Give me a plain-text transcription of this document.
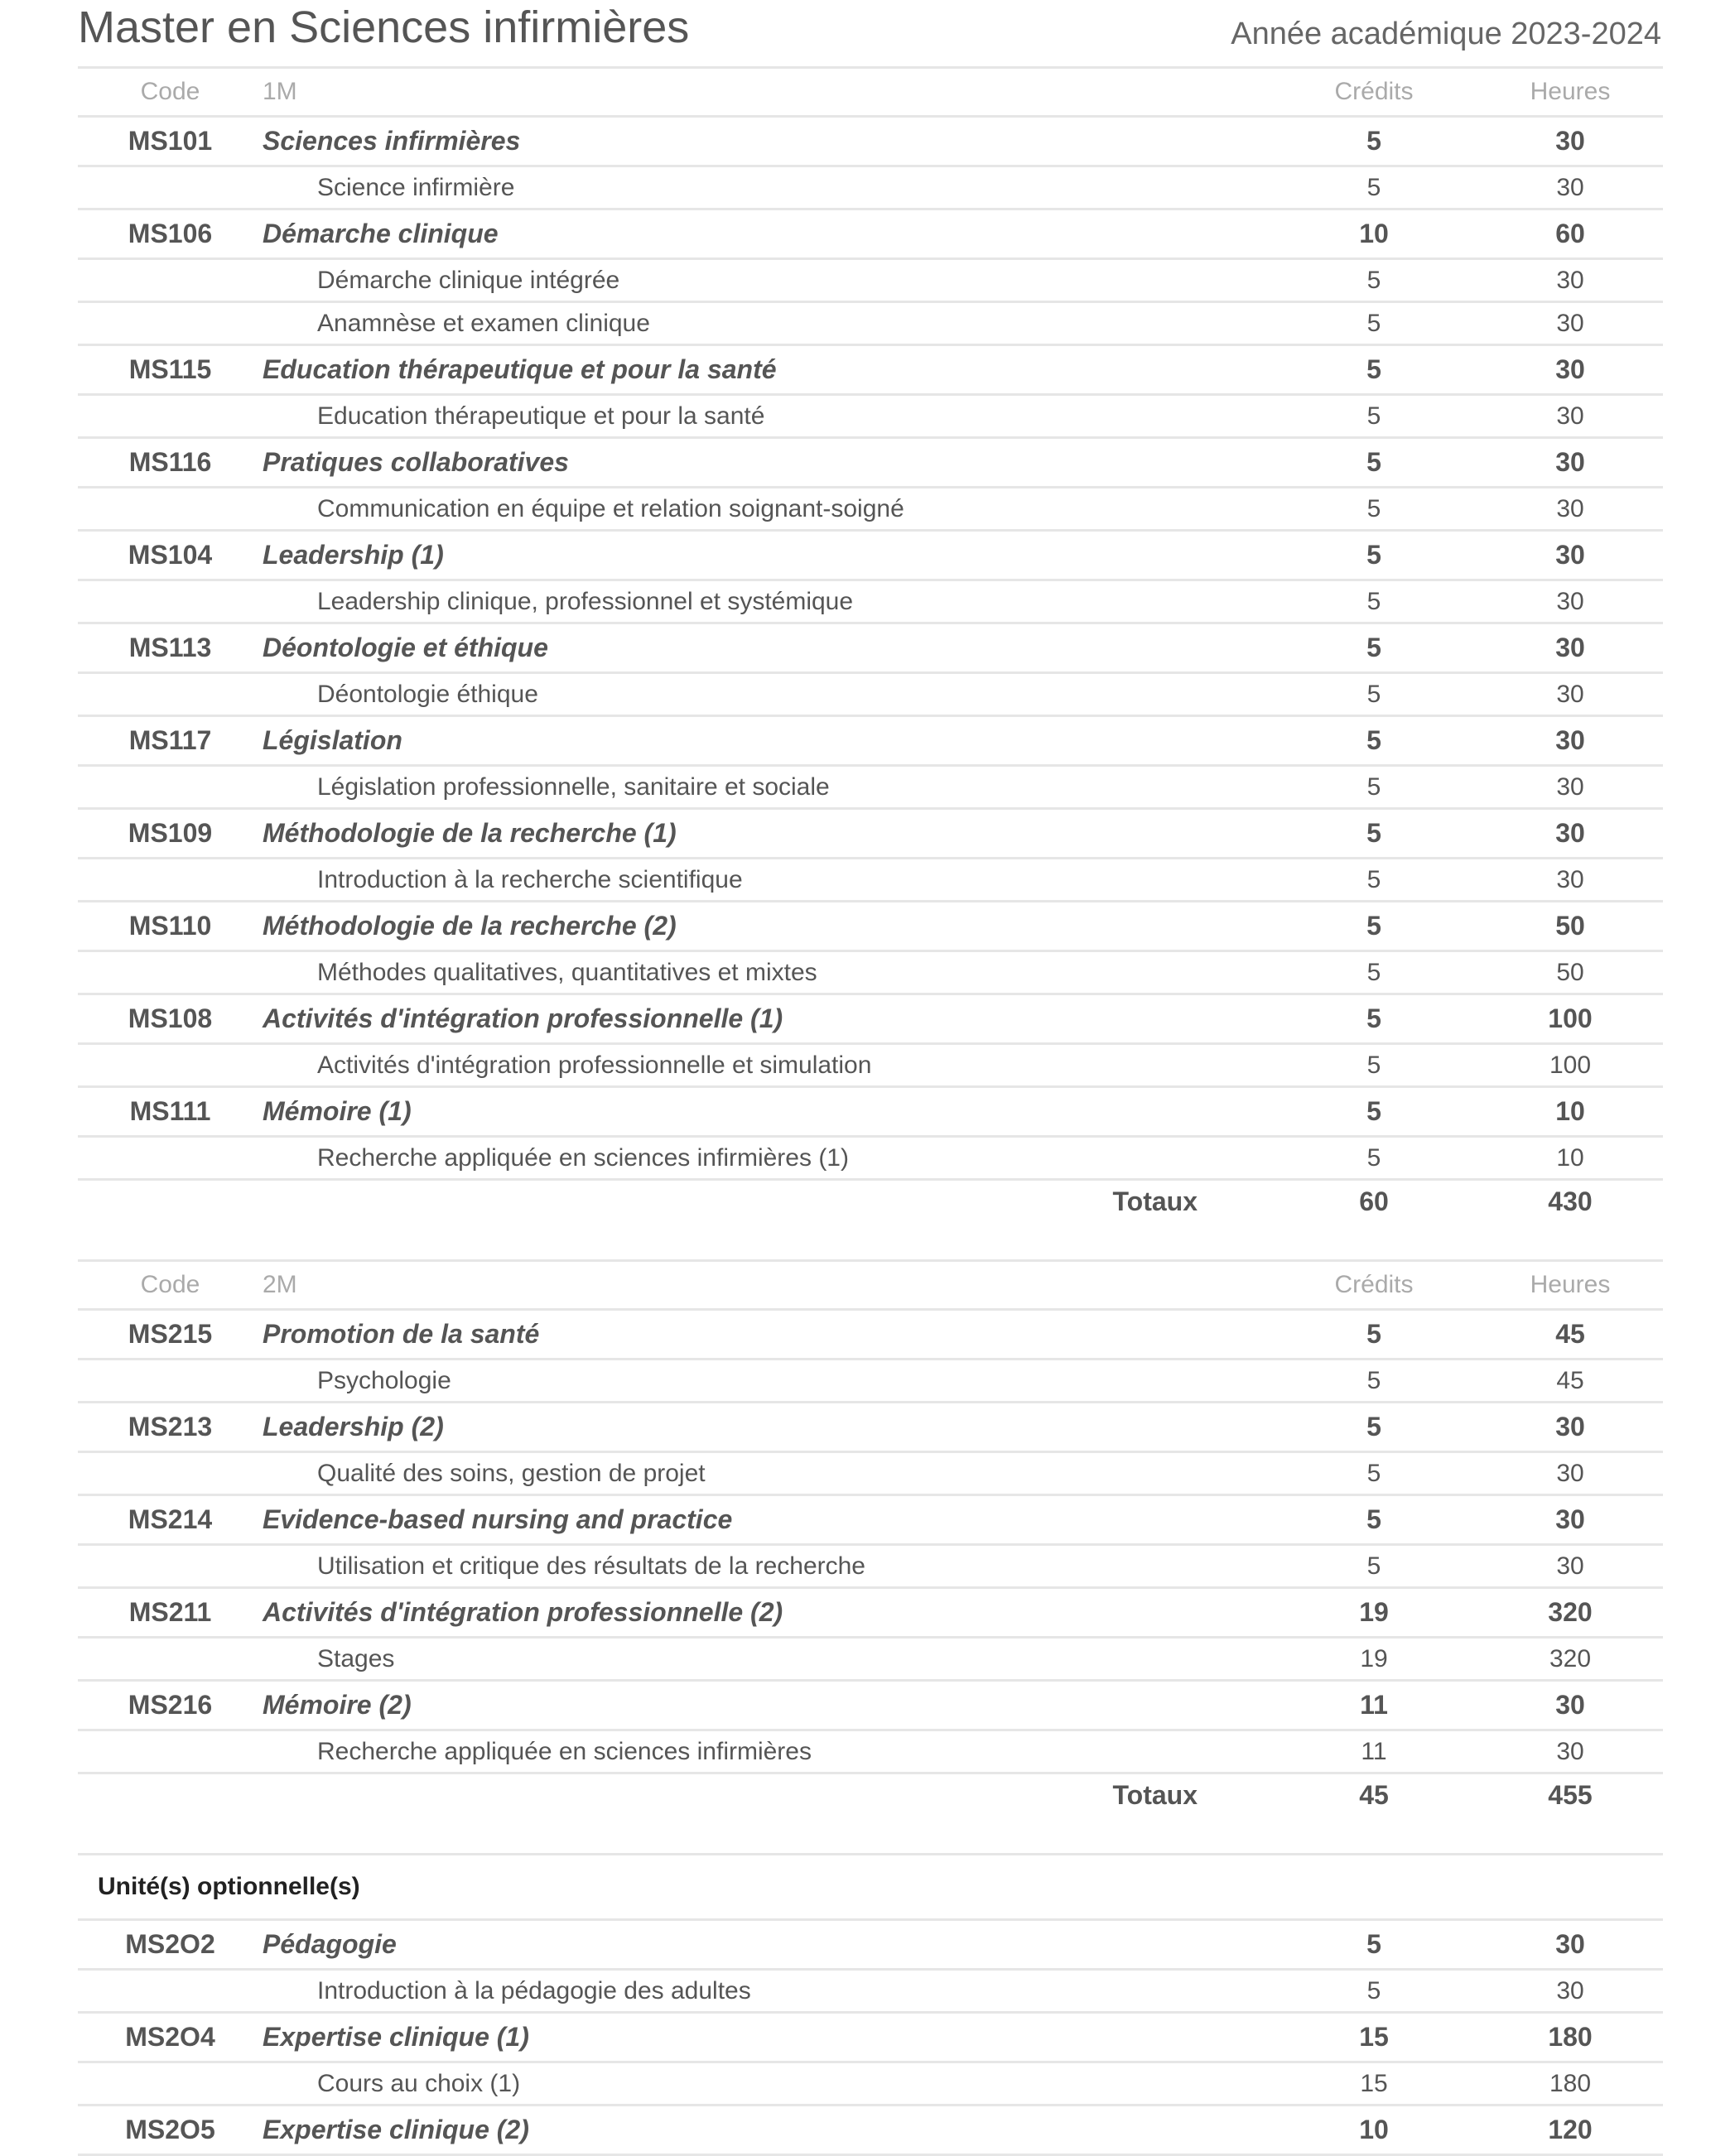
Master en Sciences infirmières	Année académique 2023-2024
Code	1M	Crédits	Heures
MS101	Sciences infirmières	5	30
	Science infirmière	5	30
MS106	Démarche clinique	10	60
	Démarche clinique intégrée	5	30
	Anamnèse et examen clinique	5	30
MS115	Education thérapeutique et pour la santé	5	30
	Education thérapeutique et pour la santé	5	30
MS116	Pratiques collaboratives	5	30
	Communication en équipe et relation soignant-soigné	5	30
MS104	Leadership (1)	5	30
	Leadership clinique, professionnel et systémique	5	30
MS113	Déontologie et éthique	5	30
	Déontologie éthique	5	30
MS117	Législation	5	30
	Législation professionnelle, sanitaire et sociale	5	30
MS109	Méthodologie de la recherche (1)	5	30
	Introduction à la recherche scientifique	5	30
MS110	Méthodologie de la recherche (2)	5	50
	Méthodes qualitatives, quantitatives et mixtes	5	50
MS108	Activités d'intégration professionnelle (1)	5	100
	Activités d'intégration professionnelle et simulation	5	100
MS111	Mémoire (1)	5	10
	Recherche appliquée en sciences infirmières (1)	5	10
	Totaux	60	430
Code	2M	Crédits	Heures
MS215	Promotion de la santé	5	45
	Psychologie	5	45
MS213	Leadership (2)	5	30
	Qualité des soins, gestion de projet	5	30
MS214	Evidence-based nursing and practice	5	30
	Utilisation et critique des résultats de la recherche	5	30
MS211	Activités d'intégration professionnelle (2)	19	320
	Stages	19	320
MS216	Mémoire (2)	11	30
	Recherche appliquée en sciences infirmières	11	30
	Totaux	45	455
Unité(s) optionnelle(s)			
MS2O2	Pédagogie	5	30
	Introduction à la pédagogie des adultes	5	30
MS2O4	Expertise clinique (1)	15	180
	Cours au choix (1)	15	180
MS2O5	Expertise clinique (2)	10	120
